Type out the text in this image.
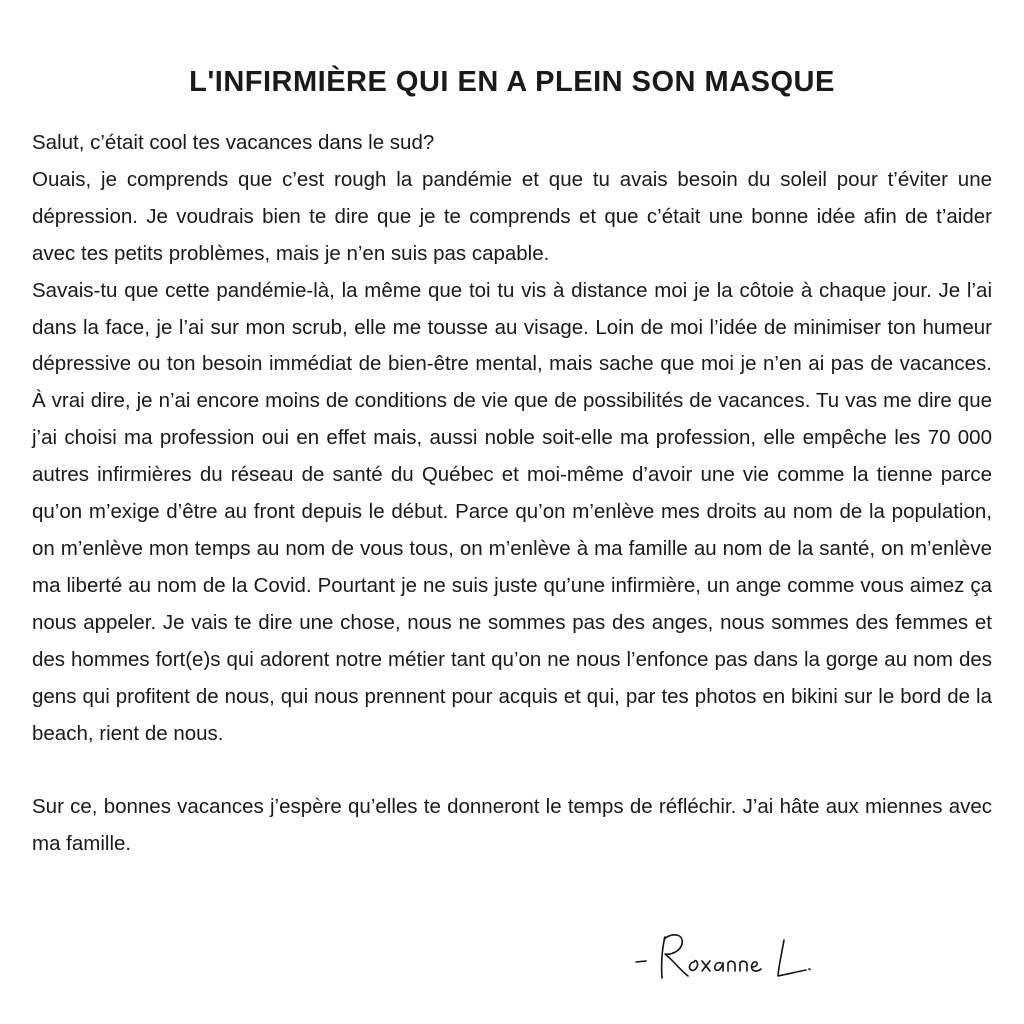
L'INFIRMIÈRE QUI EN A PLEIN SON MASQUE

Salut, c’était cool tes vacances dans le sud?

Ouais, je comprends que c’est rough la pandémie et que tu avais besoin du soleil pour t’éviter une dépression. Je voudrais bien te dire que je te comprends et que c’était une bonne idée afin de t’aider avec tes petits problèmes, mais je n’en suis pas capable.

Savais-tu que cette pandémie-là, la même que toi tu vis à distance moi je la côtoie à chaque jour. Je l’ai dans la face, je l’ai sur mon scrub, elle me tousse au visage. Loin de moi l’idée de minimiser ton humeur dépressive ou ton besoin immédiat de bien-être mental, mais sache que moi je n’en ai pas de vacances. À vrai dire, je n’ai encore moins de conditions de vie que de possibilités de vacances. Tu vas me dire que j’ai choisi ma profession oui en effet mais, aussi noble soit-elle ma profession, elle empêche les 70 000 autres infirmières du réseau de santé du Québec et moi-même d’avoir une vie comme la tienne parce qu’on m’exige d’être au front depuis le début. Parce qu’on m’enlève mes droits au nom de la population, on m’enlève mon temps au nom de vous tous, on m’enlève à ma famille au nom de la santé, on m’enlève ma liberté au nom de la Covid. Pourtant je ne suis juste qu’une infirmière, un ange comme vous aimez ça nous appeler. Je vais te dire une chose, nous ne sommes pas des anges, nous sommes des femmes et des hommes fort(e)s qui adorent notre métier tant qu’on ne nous l’enfonce pas dans la gorge au nom des gens qui profitent de nous, qui nous prennent pour acquis et qui, par tes photos en bikini sur le bord de la beach, rient de nous.

Sur ce, bonnes vacances j’espère qu’elles te donneront le temps de réfléchir. J’ai hâte aux miennes avec ma famille.
